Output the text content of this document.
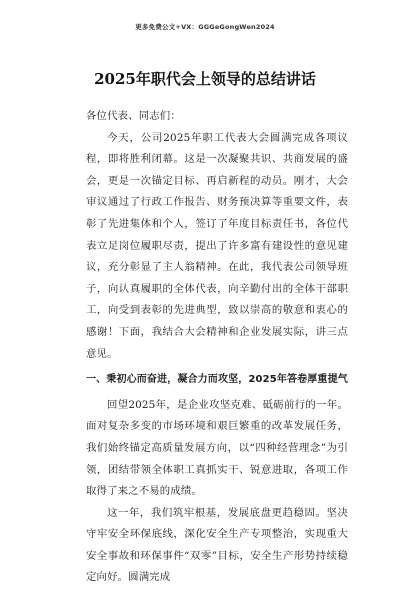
更多免费公文+VX：GGGeGongWen2024
2025年职代会上领导的总结讲话

各位代表、同志们：

今天，公司2025年职工代表大会圆满完成各项议程，即将胜利闭幕。这是一次凝聚共识、共商发展的盛会，更是一次锚定目标、再启新程的动员。刚才，大会审议通过了行政工作报告、财务预决算等重要文件，表彰了先进集体和个人，签订了年度目标责任书，各位代表立足岗位履职尽责，提出了许多富有建设性的意见建议，充分彰显了主人翁精神。在此，我代表公司领导班子，向认真履职的全体代表，向辛勤付出的全体干部职工，向受到表彰的先进典型，致以崇高的敬意和衷心的感谢！下面，我结合大会精神和企业发展实际，讲三点意见。

一、秉初心而奋进，凝合力而攻坚，2025年答卷厚重提气

回望2025年，是企业攻坚克难、砥砺前行的一年。面对复杂多变的市场环境和艰巨繁重的改革发展任务，我们始终锚定高质量发展方向，以“四种经营理念”为引领，团结带领全体职工真抓实干、锐意进取，各项工作取得了来之不易的成绩。

这一年，我们筑牢根基，发展底盘更趋稳固。坚决守牢安全环保底线，深化安全生产专项整治，实现重大安全事故和环保事件“双零”目标，安全生产形势持续稳定向好。圆满完成
